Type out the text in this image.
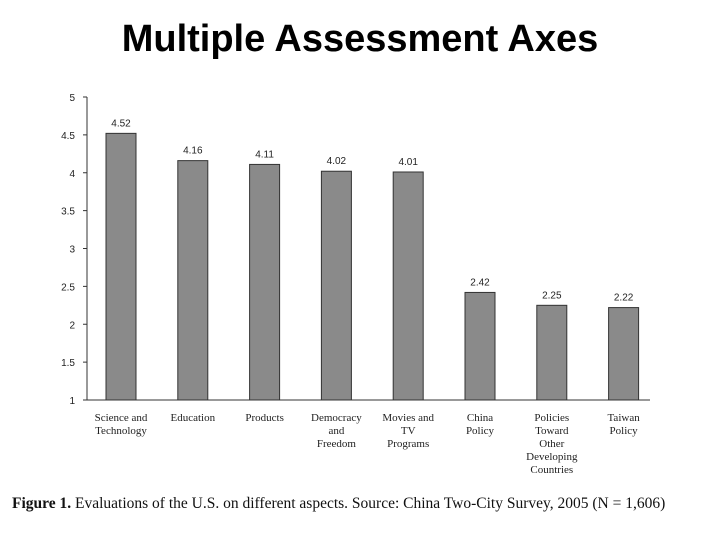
Multiple Assessment Axes
5
4.5
4
3.5
3
2.5
2
1.5
1
4.52
Science and Technology
4.16
Education
4.11
Products
4.02
Democracy and Freedom
4.01
Movies and TV Programs
2.42
China Policy
2.25
Policies Toward Other Developing Countries
2.22
Taiwan Policy
Figure 1. Evaluations of the U.S. on different aspects. Source: China Two-City Survey, 2005 (N = 1,606)
